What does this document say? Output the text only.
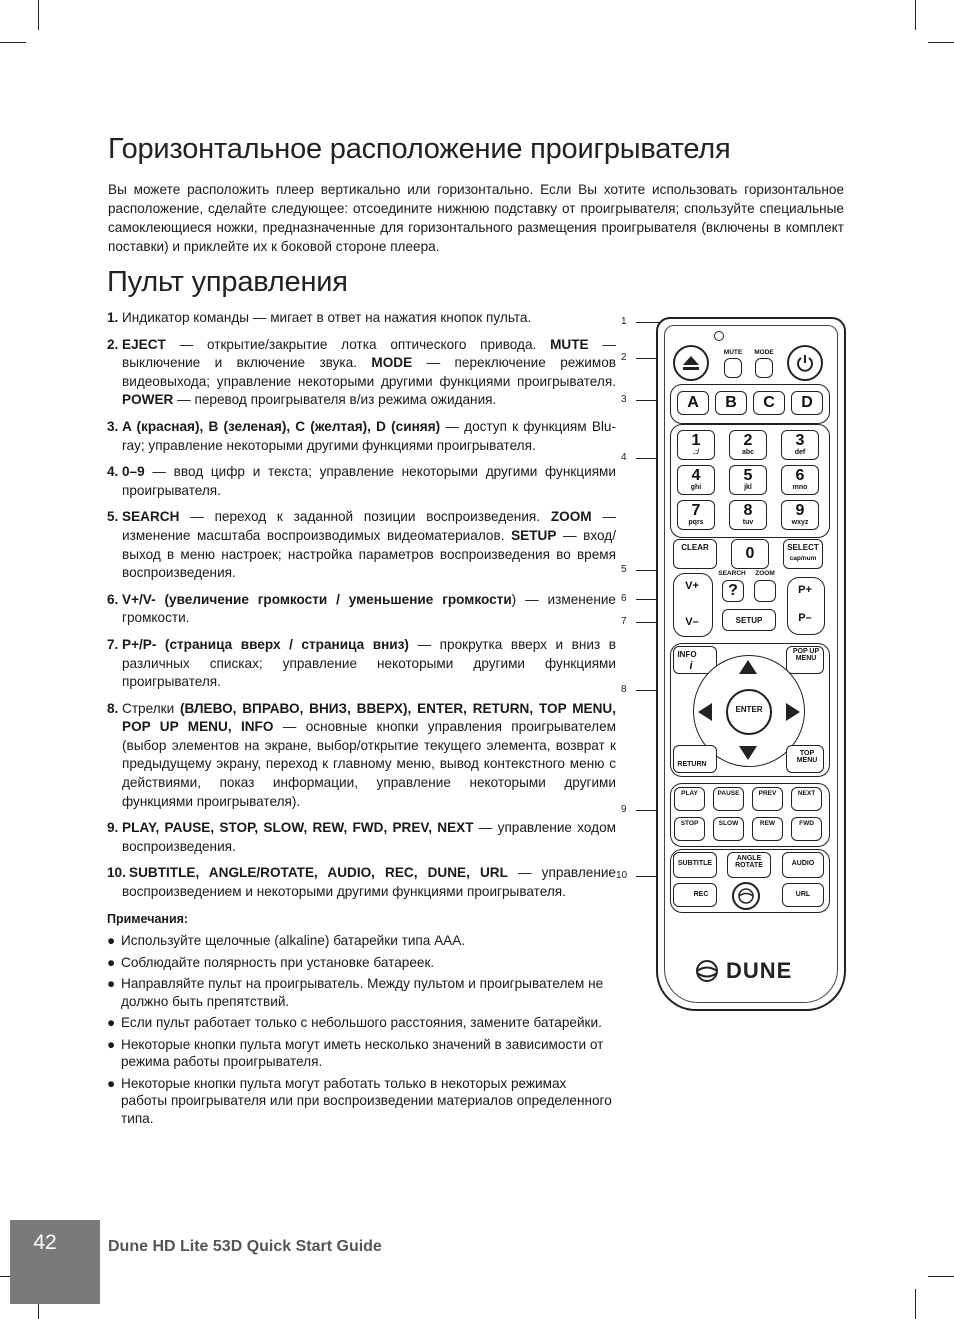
Горизонтальное расположение проигрывателя
Вы можете расположить плеер вертикально или горизонтально. Если Вы хотите использовать горизонтальное расположение, сделайте следующее: отсоедините нижнюю подставку от проигрывателя; спользуйте специальные самоклеющиеся ножки, предназначенные для горизонтального размещения проигрывателя (включены в комплект поставки) и приклейте их к боковой стороне плеера.
Пульт управления
1. Индикатор команды — мигает в ответ на нажатия кнопок пульта.
2. EJECT — открытие/закрытие лотка оптического привода. MUTE — выключение и включение звука. MODE — переключение режимов видеовыхода; управление некоторыми другими функциями проигрывателя. POWER — перевод проигрывателя в/из режима ожидания.
3. A (красная), B (зеленая), C (желтая), D (синяя) — доступ к функциям Blu-ray; управление некоторыми другими функциями проигрывателя.
4. 0–9 — ввод цифр и текста; управление некоторыми другими функциями проигрывателя.
5. SEARCH — переход к заданной позиции воспроизведения. ZOOM — изменение масштаба воспроизводимых видеоматериалов. SETUP — вход/выход в меню настроек; настройка параметров воспроизведения во время воспроизведения.
6. V+/V- (увеличение громкости / уменьшение громкости) — изменение громкости.
7. P+/P- (страница вверх / страница вниз) — прокрутка вверх и вниз в различных списках; управление некоторыми другими функциями проигрывателя.
8. Стрелки (ВЛЕВО, ВПРАВО, ВНИЗ, ВВЕРХ), ENTER, RETURN, TOP MENU, POP UP MENU, INFO — основные кнопки управления проигрывателем (выбор элементов на экране, выбор/открытие текущего элемента, возврат к предыдущему экрану, переход к главному меню, вывод контекстного меню с действиями, показ информации, управление некоторыми другими функциями проигрывателя).
9. PLAY, PAUSE, STOP, SLOW, REW, FWD, PREV, NEXT — управление ходом воспроизведения.
10. SUBTITLE, ANGLE/ROTATE, AUDIO, REC, DUNE, URL — управление воспроизведением и некоторыми другими функциями проигрывателя.
Примечания:
● Используйте щелочные (alkaline) батарейки типа AAA.
● Соблюдайте полярность при установке батареек.
● Направляйте пульт на проигрыватель. Между пультом и проигрывателем не должно быть препятствий.
● Если пульт работает только с небольшого расстояния, замените батарейки.
● Некоторые кнопки пульта могут иметь несколько значений в зависимости от режима работы проигрывателя.
● Некоторые кнопки пульта могут работать только в некоторых режимах работы проигрывателя или при воспроизведении материалов определенного типа.
1
2
3
4
5
6
7
8
9
10
MUTE	MODE
A B C D
1
.:/
2
abc
3
def
4
ghi
5
jkl
6
mno
7
pqrs
8
tuv
9
wxyz
CLEAR 0	SELECT
cap/num
V+
V–
SEARCH	ZOOM
?
SETUP
P+
P–
INFO
i
POP UP MENU
ENTER
RETURN
TOP MENU
PLAY	PAUSE	PREV	NEXT
STOP	SLOW	REW	FWD
SUBTITLE
ANGLE ROTATE	AUDIO
REC	URL
DUNE
42	Dune HD Lite 53D Quick Start Guide
